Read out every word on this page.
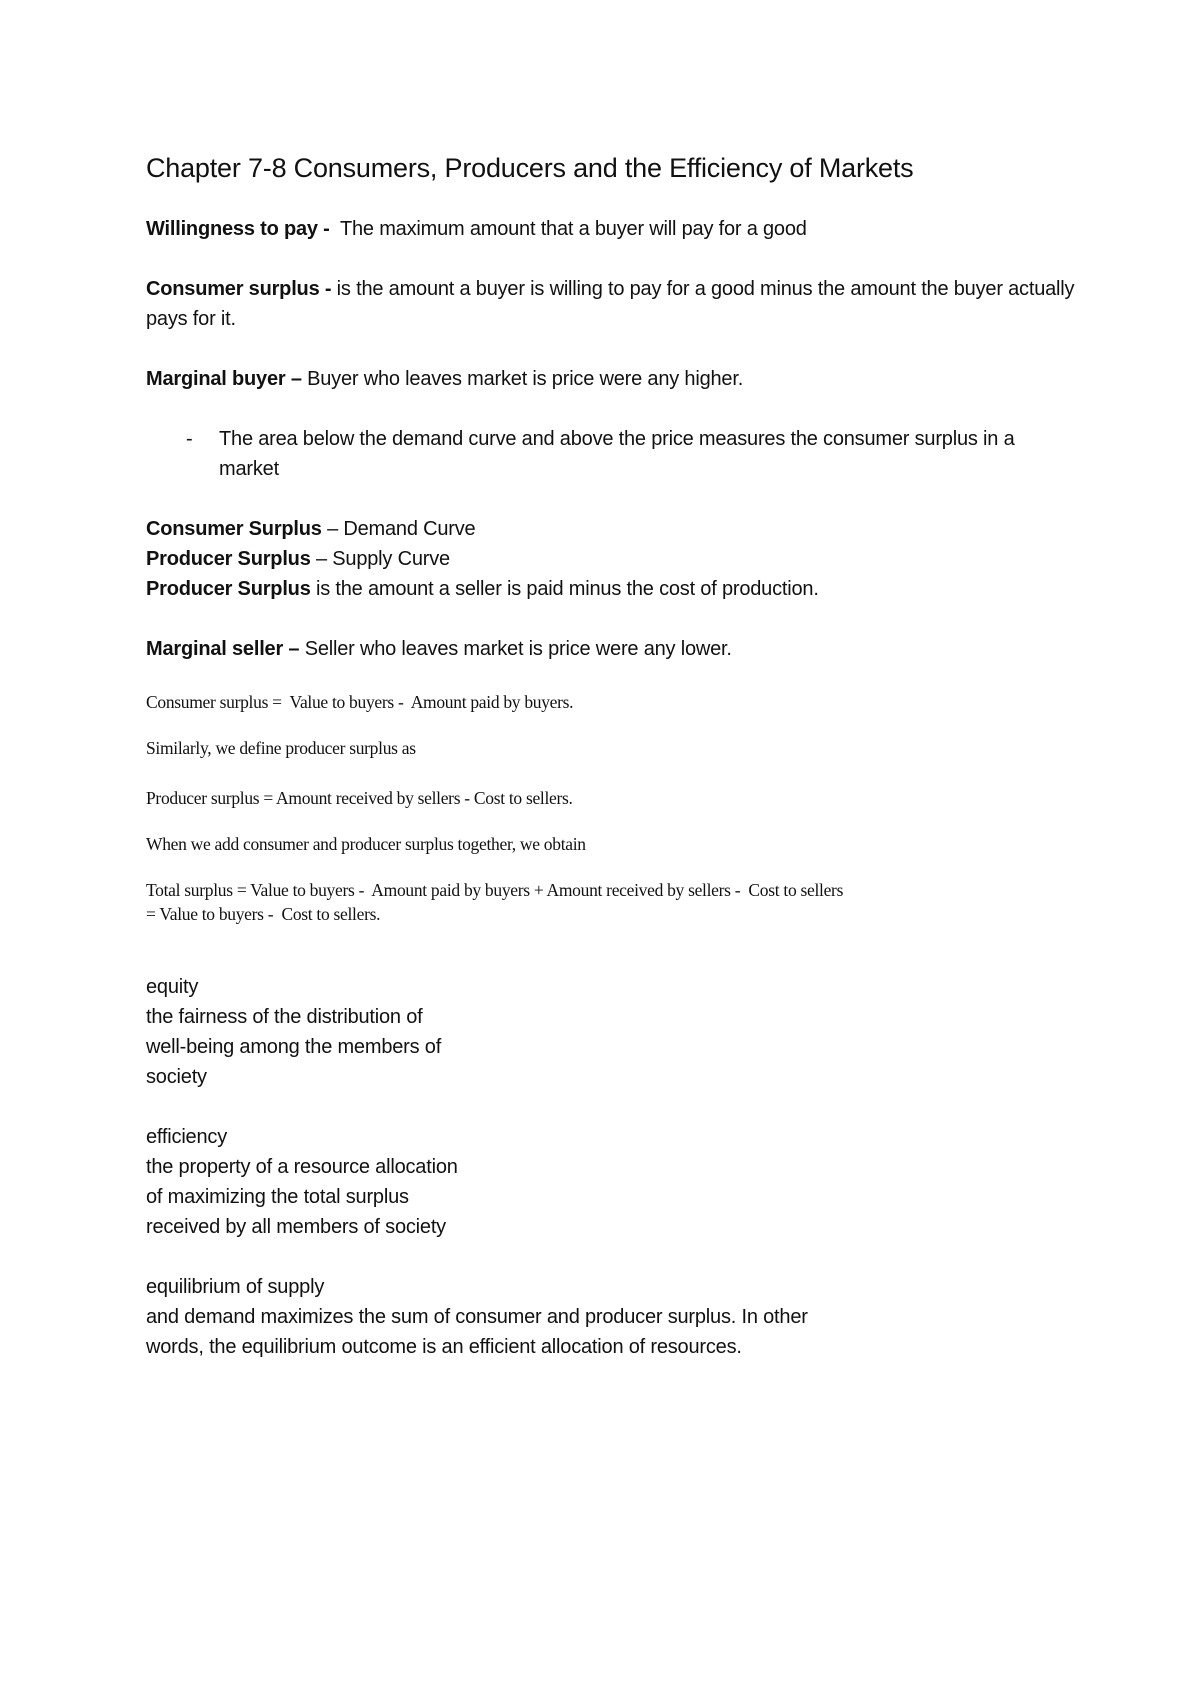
Chapter 7-8 Consumers, Producers and the Efficiency of Markets

Willingness to pay -  The maximum amount that a buyer will pay for a good

Consumer surplus - is the amount a buyer is willing to pay for a good minus the amount the buyer actually pays for it.

Marginal buyer – Buyer who leaves market is price were any higher.

- The area below the demand curve and above the price measures the consumer surplus in a market

Consumer Surplus – Demand Curve

Producer Surplus – Supply Curve

Producer Surplus is the amount a seller is paid minus the cost of production.

Marginal seller – Seller who leaves market is price were any lower.

Consumer surplus =  Value to buyers -  Amount paid by buyers.

Similarly, we define producer surplus as

Producer surplus = Amount received by sellers - Cost to sellers.

When we add consumer and producer surplus together, we obtain

Total surplus = Value to buyers -  Amount paid by buyers + Amount received by sellers -  Cost to sellers

= Value to buyers -  Cost to sellers.

equity
the fairness of the distribution of
well-being among the members of
society
efficiency
the property of a resource allocation
of maximizing the total surplus
received by all members of society
equilibrium of supply
and demand maximizes the sum of consumer and producer surplus. In other
words, the equilibrium outcome is an efficient allocation of resources.
